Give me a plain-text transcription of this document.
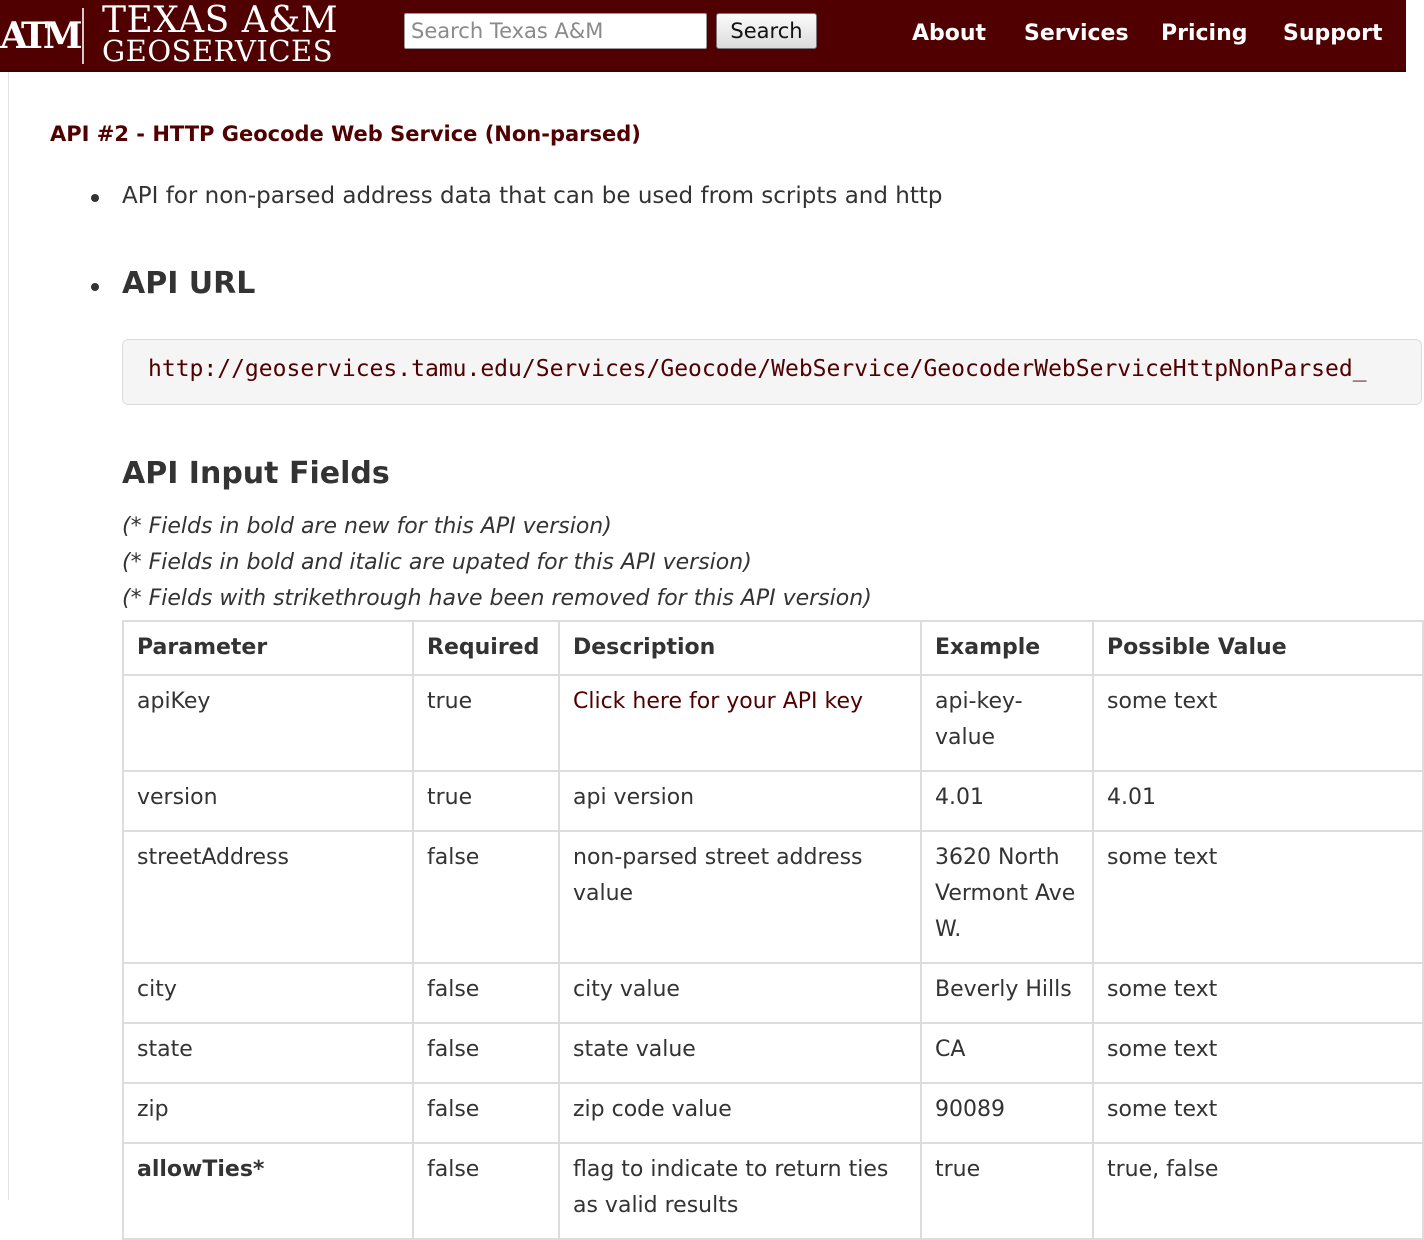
ATM TEXAS A&M
GEOSERVICES
Search Texas A&M
Search	About Services Pricing Support
API #2 - HTTP Geocode Web Service (Non-parsed)
API for non-parsed address data that can be used from scripts and http
API URL
http://geoservices.tamu.edu/Services/Geocode/WebService/GeocoderWebServiceHttpNonParsed_
API Input Fields
(* Fields in bold are new for this API version)
(* Fields in bold and italic are upated for this API version)
(* Fields with strikethrough have been removed for this API version)
Parameter	Required	Description	Example	Possible Value
apiKey	true	Click here for your API key	api-key-value	some text
version	true	api version	4.01	4.01
streetAddress	false	non-parsed street address value	3620 North Vermont Ave W.	some text
city	false	city value	Beverly Hills	some text
state	false	state value	CA	some text
zip	false	zip code value	90089	some text
allowTies*	false	flag to indicate to return ties as valid results	true	true, false
